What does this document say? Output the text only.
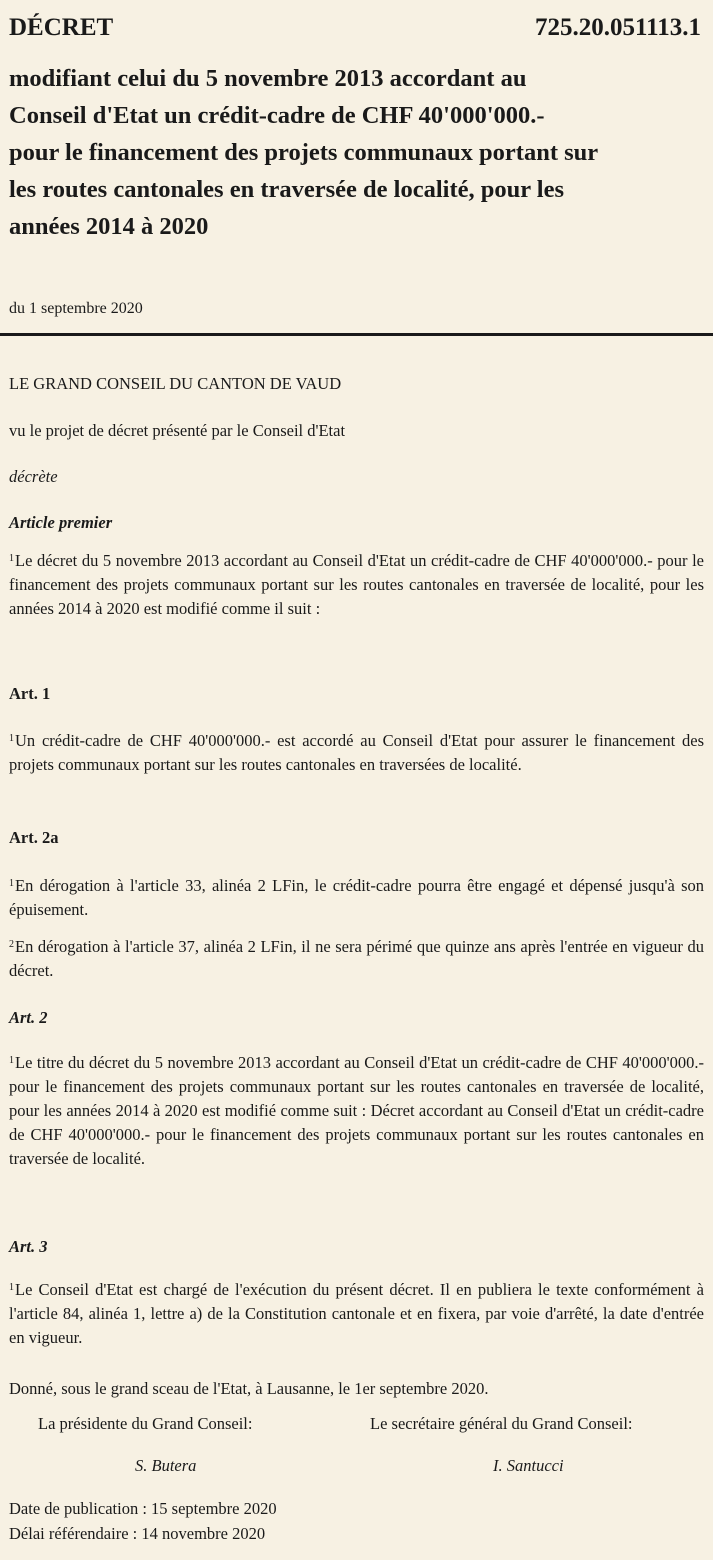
DÉCRET	725.20.051113.1
modifiant celui du 5 novembre 2013 accordant au
Conseil d'Etat un crédit-cadre de CHF 40'000'000.-
pour le financement des projets communaux portant sur
les routes cantonales en traversée de localité, pour les
années 2014 à 2020
du 1 septembre 2020
LE GRAND CONSEIL DU CANTON DE VAUD
vu le projet de décret présenté par le Conseil d'Etat
décrète
Article premier
$^1$Le décret du 5 novembre 2013 accordant au Conseil d'Etat un crédit-cadre de CHF 40'000'000.- pour le financement des projets communaux portant sur les routes cantonales en traversée de localité, pour les années 2014 à 2020 est modifié comme il suit :
Art. 1
$^1$Un crédit-cadre de CHF 40'000'000.- est accordé au Conseil d'Etat pour assurer le financement des projets communaux portant sur les routes cantonales en traversées de localité.
Art. 2a
$^1$En dérogation à l'article 33, alinéa 2 LFin, le crédit-cadre pourra être engagé et dépensé jusqu'à son épuisement.
$^2$En dérogation à l'article 37, alinéa 2 LFin, il ne sera périmé que quinze ans après l'entrée en vigueur du décret.
Art. 2
$^1$Le titre du décret du 5 novembre 2013 accordant au Conseil d'Etat un crédit-cadre de CHF 40'000'000.- pour le financement des projets communaux portant sur les routes cantonales en traversée de localité, pour les années 2014 à 2020 est modifié comme suit : Décret accordant au Conseil d'Etat un crédit-cadre de CHF 40'000'000.- pour le financement des projets communaux portant sur les routes cantonales en traversée de localité.
Art. 3
$^1$Le Conseil d'Etat est chargé de l'exécution du présent décret. Il en publiera le texte conformément à l'article 84, alinéa 1, lettre a) de la Constitution cantonale et en fixera, par voie d'arrêté, la date d'entrée en vigueur.
Donné, sous le grand sceau de l'Etat, à Lausanne, le 1er septembre 2020.
La présidente du Grand Conseil:	Le secrétaire général du Grand Conseil:
S. Butera	I. Santucci
Date de publication : 15 septembre 2020
Délai référendaire : 14 novembre 2020
